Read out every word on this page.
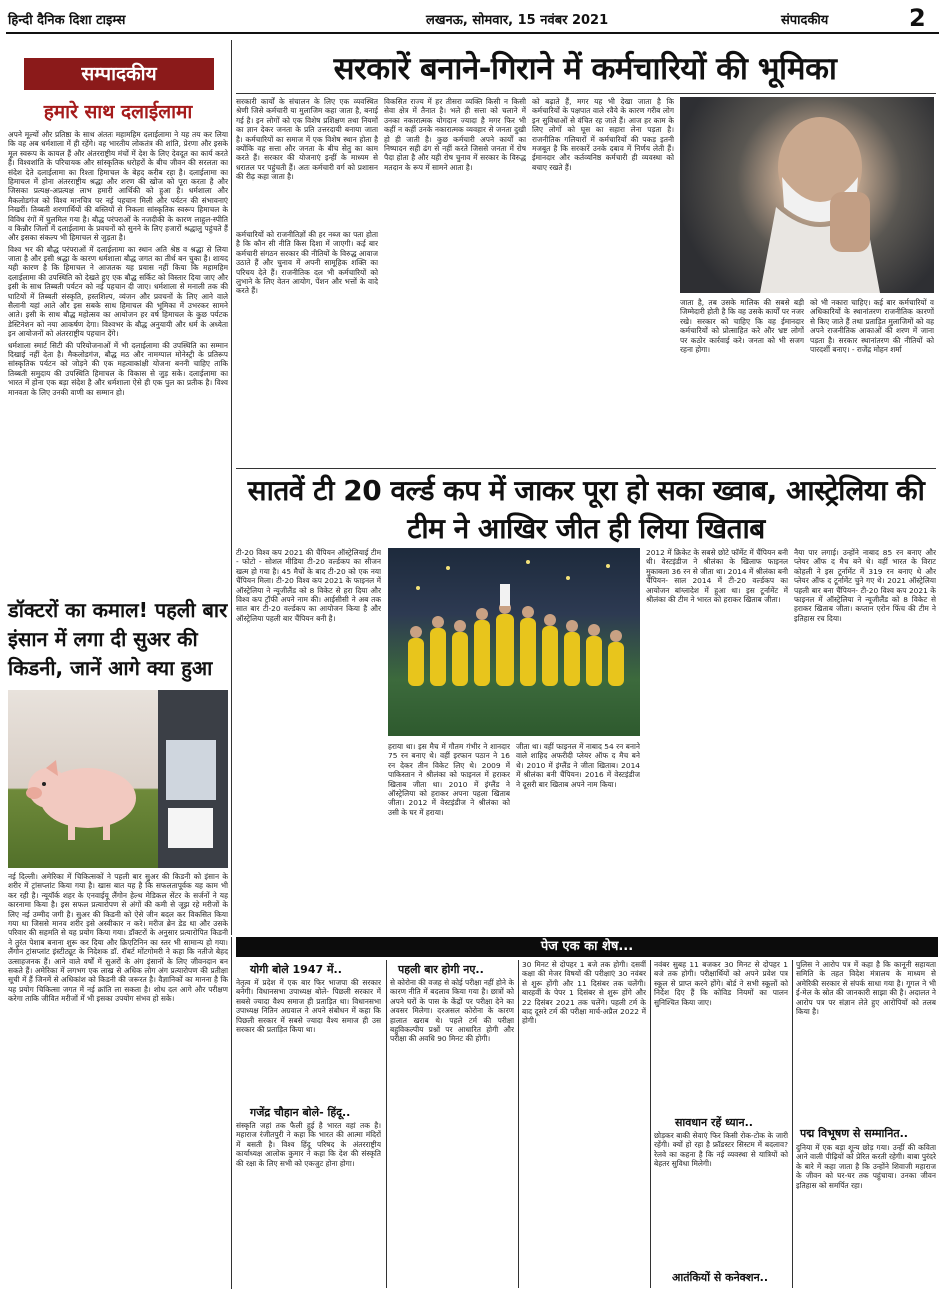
हिन्दी दैनिक दिशा टाइम्स	लखनऊ, सोमवार, 15 नवंबर 2021	संपादकीय	2
सम्पादकीय
हमारे साथ दलाईलामा

अपने मूल्यों और प्रतिष्ठा के साथ अंततः महामहिम दलाईलामा ने यह तय कर लिया कि वह अब धर्मशाला में ही रहेंगे। वह भारतीय लोकतंत्र की शांति, प्रेरणा और इसके मूल स्वरूप के कायल हैं और अंतरराष्ट्रीय मंचों में देश के लिए देवदूत का कार्य करते हैं। विश्वशांति के परिचायक और सांस्कृतिक धरोहरों के बीच जीवन की सरलता का संदेश देते दलाईलामा का रिश्ता हिमाचल के बेहद करीब रहा है। दलाईलामा का हिमाचल में होना अंतरराष्ट्रीय श्रद्धा और शरण की खोज को पूरा करता है और जिसका प्रत्यक्ष-अप्रत्यक्ष लाभ हमारी आर्थिकी को हुआ है। धर्मशाला और मैकलोडगंज को विश्व मानचित्र पर नई पहचान मिली और पर्यटन की संभावनाएं निखरीं। तिब्बती शरणार्थियों की बस्तियों से निकला सांस्कृतिक स्वरूप हिमाचल के विविध रंगों में घुलमिल गया है। बौद्ध परंपराओं के नजदीकी के कारण लाहुल-स्पीति व किन्नौर जिलों में दलाईलामा के प्रवचनों को सुनने के लिए हजारों श्रद्धालु पहुंचते हैं और इसका संकल्प भी हिमाचल से जुड़ता है।

विश्व भर की बौद्ध परंपराओं में दलाईलामा का स्थान अति श्रेष्ठ व श्रद्धा से लिया जाता है और इसी श्रद्धा के कारण धर्मशाला बौद्ध जगत का तीर्थ बन चुका है। शायद यही कारण है कि हिमाचल ने आजतक यह प्रयास नहीं किया कि महामहिम दलाईलामा की उपस्थिति को देखते हुए एक बौद्ध सर्किट को विस्तार दिया जाए और इसी के साथ तिब्बती पर्यटन को नई पहचान दी जाए। धर्मशाला से मनाली तक की घाटियों में तिब्बती संस्कृति, हस्तशिल्प, व्यंजन और प्रवचनों के लिए आने वाले सैलानी यहां आते और इस सबके साथ हिमाचल की भूमिका में उभरकर सामने आते। इसी के साथ बौद्ध महोत्सव का आयोजन हर वर्ष हिमाचल के कुछ पर्यटक डेस्टिनेशन को नया आकर्षण देगा। विश्वभर के बौद्ध अनुयायी और धर्म के अध्येता इन आयोजनों को अंतरराष्ट्रीय पहचान देंगे।

धर्मशाला स्मार्ट सिटी की परियोजनाओं में भी दलाईलामा की उपस्थिति का सम्मान दिखाई नहीं देता है। मैकलोडगंज, बौद्ध मठ और नामग्याल मोनेस्ट्री के प्रतिरूप सांस्कृतिक पर्यटन को जोड़ने की एक महत्वाकांक्षी योजना बननी चाहिए ताकि तिब्बती समुदाय की उपस्थिति हिमाचल के विकास से जुड़ सके। दलाईलामा का भारत में होना एक बड़ा संदेश है और धर्मशाला ऐसे ही एक पुल का प्रतीक है। विश्व मानवता के लिए उनकी वाणी का सम्मान हो।

डॉक्टरों का कमाल! पहली बार इंसान में लगा दी सुअर की किडनी, जानें आगे क्या हुआ
नई दिल्ली। अमेरिका में चिकित्सकों ने पहली बार सुअर की किडनी को इंसान के शरीर में ट्रांसप्लांट किया गया है। खास बात यह है कि सफलतापूर्वक यह काम भी कर रही है। न्यूयॉर्क शहर के एनवाईयू लैंगोन हेल्थ मेडिकल सेंटर के सर्जनों ने यह कारनामा किया है। इस सफल प्रत्यारोपण से अंगों की कमी से जूझ रहे मरीजों के लिए नई उम्मीद जगी है। सुअर की किडनी को ऐसे जीन बदल कर विकसित किया गया था जिससे मानव शरीर इसे अस्वीकार न करे। मरीज ब्रेन डेड था और उसके परिवार की सहमति से यह प्रयोग किया गया। डॉक्टरों के अनुसार प्रत्यारोपित किडनी ने तुरंत पेशाब बनाना शुरू कर दिया और क्रिएटिनिन का स्तर भी सामान्य हो गया। लैंगोन ट्रांसप्लांट इंस्टीट्यूट के निदेशक डॉ. रॉबर्ट मोंटगोमरी ने कहा कि नतीजे बेहद उत्साहजनक हैं। आने वाले वर्षों में सुअरों के अंग इंसानों के लिए जीवनदान बन सकते हैं। अमेरिका में लगभग एक लाख से अधिक लोग अंग प्रत्यारोपण की प्रतीक्षा सूची में हैं जिनमें से अधिकांश को किडनी की जरूरत है। वैज्ञानिकों का मानना है कि यह प्रयोग चिकित्सा जगत में नई क्रांति ला सकता है। शोध दल आगे और परीक्षण करेगा ताकि जीवित मरीजों में भी इसका उपयोग संभव हो सके।
सरकारें बनाने-गिराने में कर्मचारियों की भूमिका
सरकारी कार्यों के संचालन के लिए एक व्यवस्थित श्रेणी जिसे कर्मचारी या मुलाजिम कहा जाता है, बनाई गई है। इन लोगों को एक विशेष प्रशिक्षण तथा नियमों का ज्ञान देकर जनता के प्रति उत्तरदायी बनाया जाता है। कर्मचारियों का समाज में एक विशेष स्थान होता है क्योंकि वह सत्ता और जनता के बीच सेतु का काम करते हैं। सरकार की योजनाएं इन्हीं के माध्यम से धरातल पर पहुंचती हैं। अतः कर्मचारी वर्ग को प्रशासन की रीढ़ कहा जाता है।
कर्मचारियों को राजनीतिज्ञों की हर नब्ज का पता होता है कि कौन सी नीति किस दिशा में जाएगी। कई बार कर्मचारी संगठन सरकार की नीतियों के विरुद्ध आवाज उठाते हैं और चुनाव में अपनी सामूहिक शक्ति का परिचय देते हैं। राजनीतिक दल भी कर्मचारियों को लुभाने के लिए वेतन आयोग, पेंशन और भत्तों के वादे करते हैं।
विकसित राज्य में हर तीसरा व्यक्ति किसी न किसी सेवा क्षेत्र में तैनात है। भले ही सत्ता को चलाने में उनका नकारात्मक योगदान ज्यादा है मगर फिर भी कहीं न कहीं उनके नकारात्मक व्यवहार से जनता दुखी हो ही जाती है। कुछ कर्मचारी अपने कार्यों का निष्पादन सही ढंग से नहीं करते जिससे जनता में रोष पैदा होता है और यही रोष चुनाव में सरकार के विरुद्ध मतदान के रूप में सामने आता है।
को बढ़ाते हैं, मगर यह भी देखा जाता है कि कर्मचारियों के पक्षपात वाले रवैये के कारण गरीब लोग इन सुविधाओं से वंचित रह जाते हैं। आज हर काम के लिए लोगों को घूस का सहारा लेना पड़ता है। राजनीतिक गलियारों में कर्मचारियों की पकड़ इतनी मजबूत है कि सरकारें उनके दबाव में निर्णय लेती हैं। ईमानदार और कर्तव्यनिष्ठ कर्मचारी ही व्यवस्था को बचाए रखते हैं।
जाता है, तब उसके मालिक की सबसे बड़ी जिम्मेदारी होती है कि वह उसके कार्यों पर नजर रखे। सरकार को चाहिए कि वह ईमानदार कर्मचारियों को प्रोत्साहित करे और भ्रष्ट लोगों पर कठोर कार्रवाई करे। जनता को भी सजग रहना होगा।
को भी नकारा चाहिए। कई बार कर्मचारियों व अधिकारियों के स्थानांतरण राजनीतिक कारणों से किए जाते हैं तथा प्रताड़ित मुलाजिमों को वह अपने राजनीतिक आकाओं की शरण में जाना पड़ता है। सरकार स्थानांतरण की नीतियों को पारदर्शी बनाए। - राजेंद्र मोहन शर्मा
सातवें टी 20 वर्ल्ड कप में जाकर पूरा हो सका ख्वाब, आस्ट्रेलिया की टीम ने आखिर जीत ही लिया खिताब
टी-20 विश्व कप 2021 की चैंपियन ऑस्ट्रेलियाई टीम - फोटो - सोशल मीडिया टी-20 वर्ल्डकप का सीजन खत्म हो गया है। 45 मैचों के बाद टी-20 को एक नया चैंपियन मिला। टी-20 विश्व कप 2021 के फाइनल में ऑस्ट्रेलिया ने न्यूजीलैंड को 8 विकेट से हरा दिया और विश्व कप ट्रॉफी अपने नाम की। आईसीसी ने अब तक सात बार टी-20 वर्ल्डकप का आयोजन किया है और ऑस्ट्रेलिया पहली बार चैंपियन बनी है।
हराया था। इस मैच में गौतम गंभीर ने शानदार 75 रन बनाए थे। वहीं इरफान पठान ने 16 रन देकर तीन विकेट लिए थे। 2009 में पाकिस्तान ने श्रीलंका को फाइनल में हराकर खिताब जीता था। 2010 में इंग्लैंड ने ऑस्ट्रेलिया को हराकर अपना पहला खिताब जीता। 2012 में वेस्टइंडीज ने श्रीलंका को उसी के घर में हराया।
जीता था। वहीं फाइनल में नाबाद 54 रन बनाने वाले शाहिद अफरीदी प्लेयर ऑफ द मैच बने थे। 2010 में इंग्लैंड ने जीता खिताब। 2014 में श्रीलंका बनी चैंपियन। 2016 में वेस्टइंडीज ने दूसरी बार खिताब अपने नाम किया।
2012 में क्रिकेट के सबसे छोटे फॉर्मेट में चैंपियन बनी थी। वेस्टइंडीज ने श्रीलंका के खिलाफ फाइनल मुकाबला 36 रन से जीता था। 2014 में श्रीलंका बनी चैंपियन- साल 2014 में टी-20 वर्ल्डकप का आयोजन बांग्लादेश में हुआ था। इस टूर्नामेंट में श्रीलंका की टीम ने भारत को हराकर खिताब जीता।
नैया पार लगाई। उन्होंने नाबाद 85 रन बनाए और प्लेयर ऑफ द मैच बने थे। वहीं भारत के विराट कोहली ने इस टूर्नामेंट में 319 रन बनाए थे और प्लेयर ऑफ द टूर्नामेंट चुने गए थे। 2021 ऑस्ट्रेलिया पहली बार बना चैंपियन- टी-20 विश्व कप 2021 के फाइनल में ऑस्ट्रेलिया ने न्यूजीलैंड को 8 विकेट से हराकर खिताब जीता। कप्तान एरोन फिंच की टीम ने इतिहास रच दिया।
पेज एक का शेष...
योगी बोले 1947 में..
नेतृत्व में प्रदेश में एक बार फिर भाजपा की सरकार बनेगी। विधानसभा उपाध्यक्ष बोले- पिछली सरकार में सबसे ज्यादा वैश्य समाज ही प्रताड़ित था। विधानसभा उपाध्यक्ष नितिन अग्रवाल ने अपने संबोधन में कहा कि पिछली सरकार में सबसे ज्यादा वैश्य समाज ही उस सरकार की प्रताड़ित किया था।
गजेंद्र चौहान बोले- हिंदू..
संस्कृति जहां तक फैली हुई है भारत वहां तक है। महाराज रंजीतपुरी ने कहा कि भारत की आत्मा मंदिरों में बसती है। विश्व हिंदू परिषद के अंतरराष्ट्रीय कार्याध्यक्ष आलोक कुमार ने कहा कि देश की संस्कृति की रक्षा के लिए सभी को एकजुट होना होगा।
पहली बार होगी नए..
से कोरोना की वजह से कोई परीक्षा नहीं होने के कारण नीति में बदलाव किया गया है। छात्रों को अपने घरों के पास के केंद्रों पर परीक्षा देने का अवसर मिलेगा। दरअसल कोरोना के कारण हालात खराब थे। पहले टर्म की परीक्षा बहुविकल्पीय प्रश्नों पर आधारित होगी और परीक्षा की अवधि 90 मिनट की होगी।
30 मिनट से दोपहर 1 बजे तक होगी। दसवीं कक्षा की मेजर विषयों की परीक्षाएं 30 नवंबर से शुरू होंगी और 11 दिसंबर तक चलेंगी। बारहवीं के पेपर 1 दिसंबर से शुरू होंगे और 22 दिसंबर 2021 तक चलेंगे। पहली टर्म के बाद दूसरे टर्म की परीक्षा मार्च-अप्रैल 2022 में होगी।
नवंबर सुबह 11 बजकर 30 मिनट से दोपहर 1 बजे तक होगी। परीक्षार्थियों को अपने प्रवेश पत्र स्कूल से प्राप्त करने होंगे। बोर्ड ने सभी स्कूलों को निर्देश दिए हैं कि कोविड नियमों का पालन सुनिश्चित किया जाए।
सावधान रहें ध्यान..
छोड़कर बाकी सेवाएं फिर किसी रोक-टोक के जारी रहेंगी। क्यों हो रहा है फ्रॉडस्टर सिस्टम में बदलाव? रेलवे का कहना है कि नई व्यवस्था से यात्रियों को बेहतर सुविधा मिलेगी।
आतंकियों से कनेक्शन..
पुलिस ने आरोप पत्र में कहा है कि कानूनी सहायता समिति के तहत विदेश मंत्रालय के माध्यम से अमेरिकी सरकार से संपर्क साधा गया है। गूगल ने भी ई-मेल के स्रोत की जानकारी साझा की है। अदालत ने आरोप पत्र पर संज्ञान लेते हुए आरोपियों को तलब किया है।
पद्म विभूषण से सम्मानित..
दुनिया में एक बड़ा शून्य छोड़ गया। उन्हीं की कविता आने वाली पीढ़ियों को प्रेरित करती रहेगी। बाबा पुरंदरे के बारे में कहा जाता है कि उन्होंने शिवाजी महाराज के जीवन को घर-घर तक पहुंचाया। उनका जीवन इतिहास को समर्पित रहा।
